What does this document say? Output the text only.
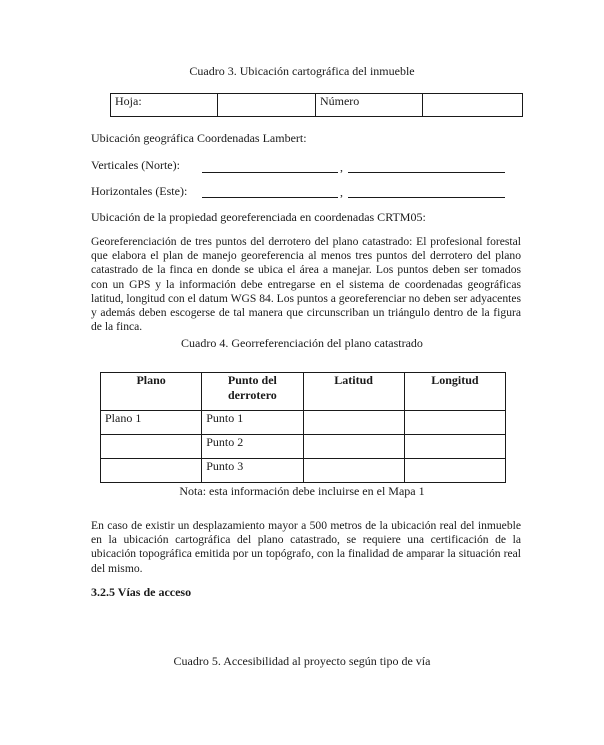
Cuadro 3. Ubicación cartográfica del inmueble
Hoja:		Número	
Ubicación geográfica Coordenadas Lambert:
Verticales (Norte):	,
Horizontales (Este):	,
Ubicación de la propiedad georeferenciada en coordenadas CRTM05:
Georeferenciación de tres puntos del derrotero del plano catastrado: El profesional forestal que elabora el plan de manejo georeferencia al menos tres puntos del derrotero del plano catastrado de la finca en donde se ubica el área a manejar. Los puntos deben ser tomados con un GPS y la información debe entregarse en el sistema de coordenadas geográficas latitud, longitud con el datum WGS 84. Los puntos a georeferenciar no deben ser adyacentes y además deben escogerse de tal manera que circunscriban un triángulo dentro de la figura de la finca.
Cuadro 4. Georreferenciación del plano catastrado
Plano	Punto del derrotero	Latitud	Longitud
Plano 1	Punto 1		
	Punto 2		
	Punto 3		
Nota: esta información debe incluirse en el Mapa 1
En caso de existir un desplazamiento mayor a 500 metros de la ubicación real del inmueble en la ubicación cartográfica del plano catastrado, se requiere una certificación de la ubicación topográfica emitida por un topógrafo, con la finalidad de amparar la situación real del mismo.
3.2.5 Vías de acceso
Cuadro 5. Accesibilidad al proyecto según tipo de vía
